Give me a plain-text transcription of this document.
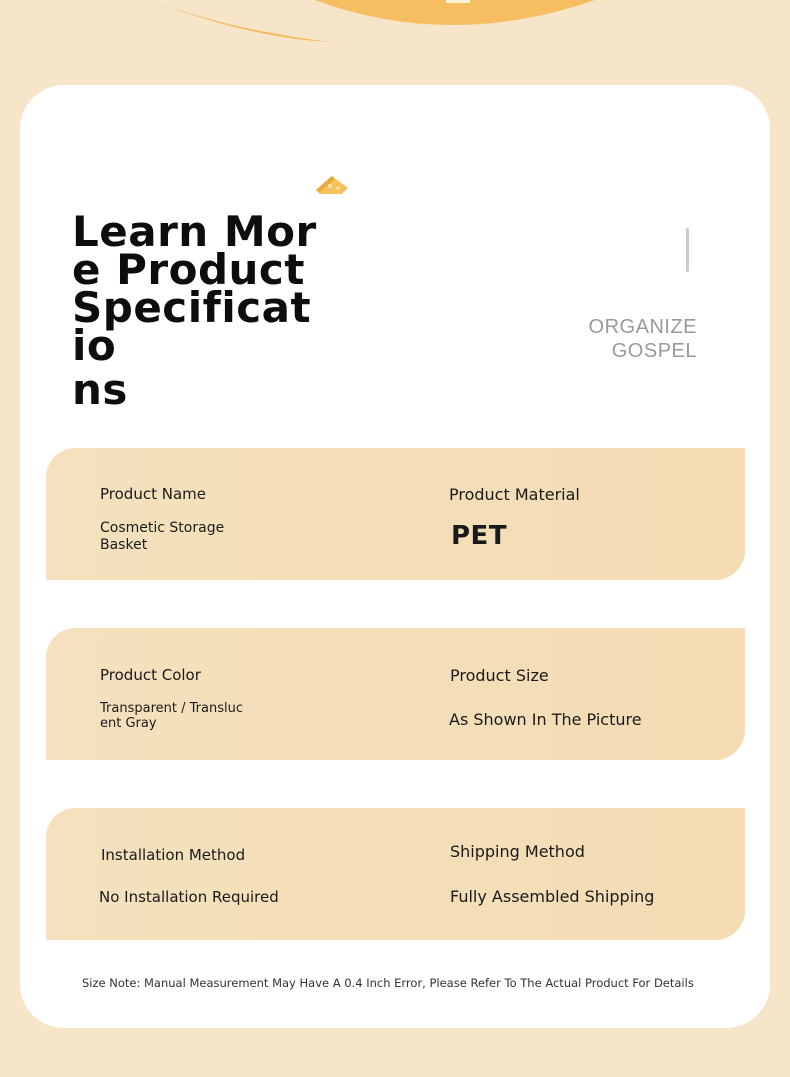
Learn More Product Specificatio
ns
ORGANIZE
GOSPEL
Product Name
Cosmetic Storage Basket
Product Material
PET
Product Color
Transparent / Translucent Gray
Product Size
As Shown In The Picture
Installation Method
No Installation Required
Shipping Method
Fully Assembled Shipping
Size Note: Manual Measurement May Have A 0.4 Inch Error, Please Refer To The Actual Product For Details
